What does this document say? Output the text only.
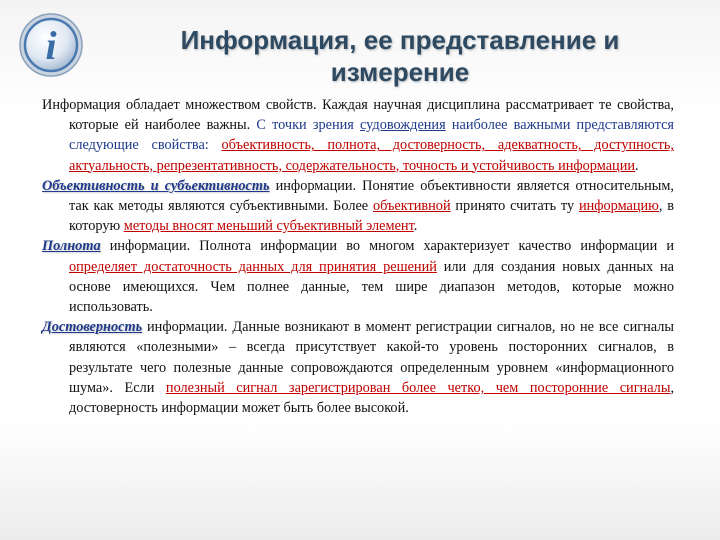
i	Информация, ее представление и измерение

Информация обладает множеством свойств. Каждая научная дисциплина рассматривает те свойства, которые ей наиболее важны. С точки зрения судовождения наиболее важными представляются следующие свойства: объективность, полнота, достоверность, адекватность, доступность, актуальность, репрезентативность, содержательность, точность и устойчивость информации.

Объективность и субъективность информации. Понятие объективности является относительным, так как методы являются субъективными. Более объективной принято считать ту информацию, в которую методы вносят меньший субъективный элемент.

Полнота информации. Полнота информации во многом характеризует качество информации и определяет достаточность данных для принятия решений или для создания новых данных на основе имеющихся. Чем полнее данные, тем шире диапазон методов, которые можно использовать.

Достоверность информации. Данные возникают в момент регистрации сигналов, но не все сигналы являются «полезными» – всегда присутствует какой-то уровень посторонних сигналов, в результате чего полезные данные сопровождаются определенным уровнем «информационного шума». Если полезный сигнал зарегистрирован более четко, чем посторонние сигналы, достоверность информации может быть более высокой.
